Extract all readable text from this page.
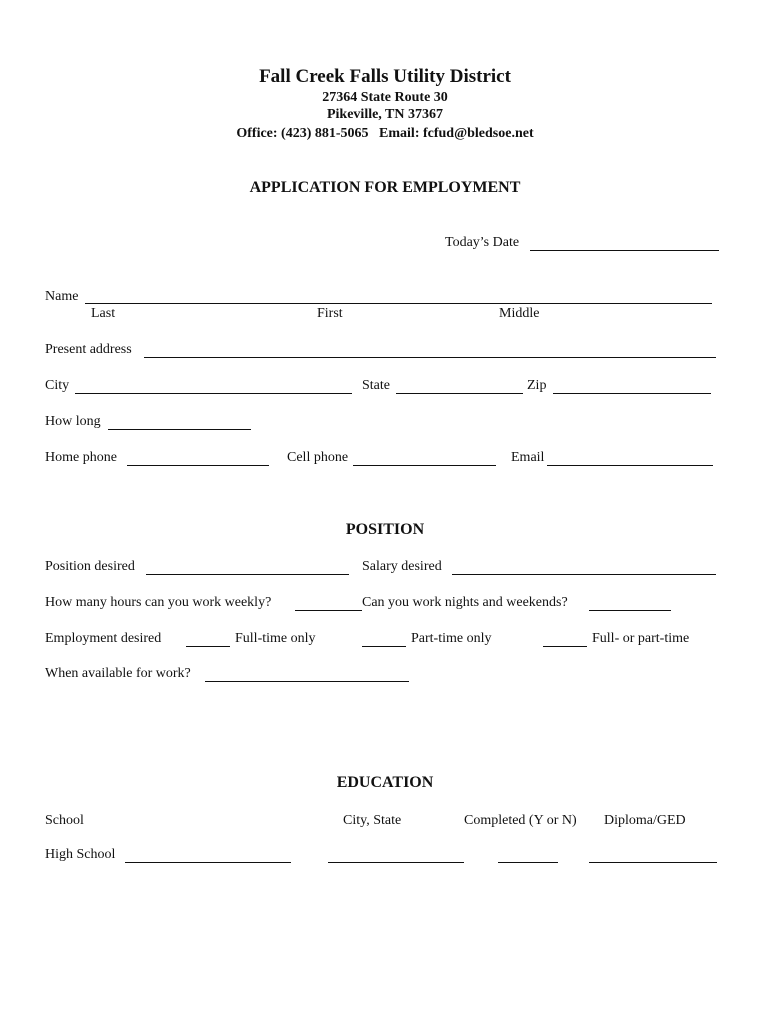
Fall Creek Falls Utility District
27364 State Route 30
Pikeville, TN 37367
Office: (423) 881-5065   Email: fcfud@bledsoe.net
APPLICATION FOR EMPLOYMENT
Today’s Date
Name
Last	First	Middle
Present address
City	State	Zip
How long
Home phone	Cell phone	Email
POSITION
Position desired	Salary desired
How many hours can you work weekly?	Can you work nights and weekends?
Employment desired	Full-time only	Part-time only	Full- or part-time
When available for work?
EDUCATION
School	City, State	Completed (Y or N) Diploma/GED
High School
